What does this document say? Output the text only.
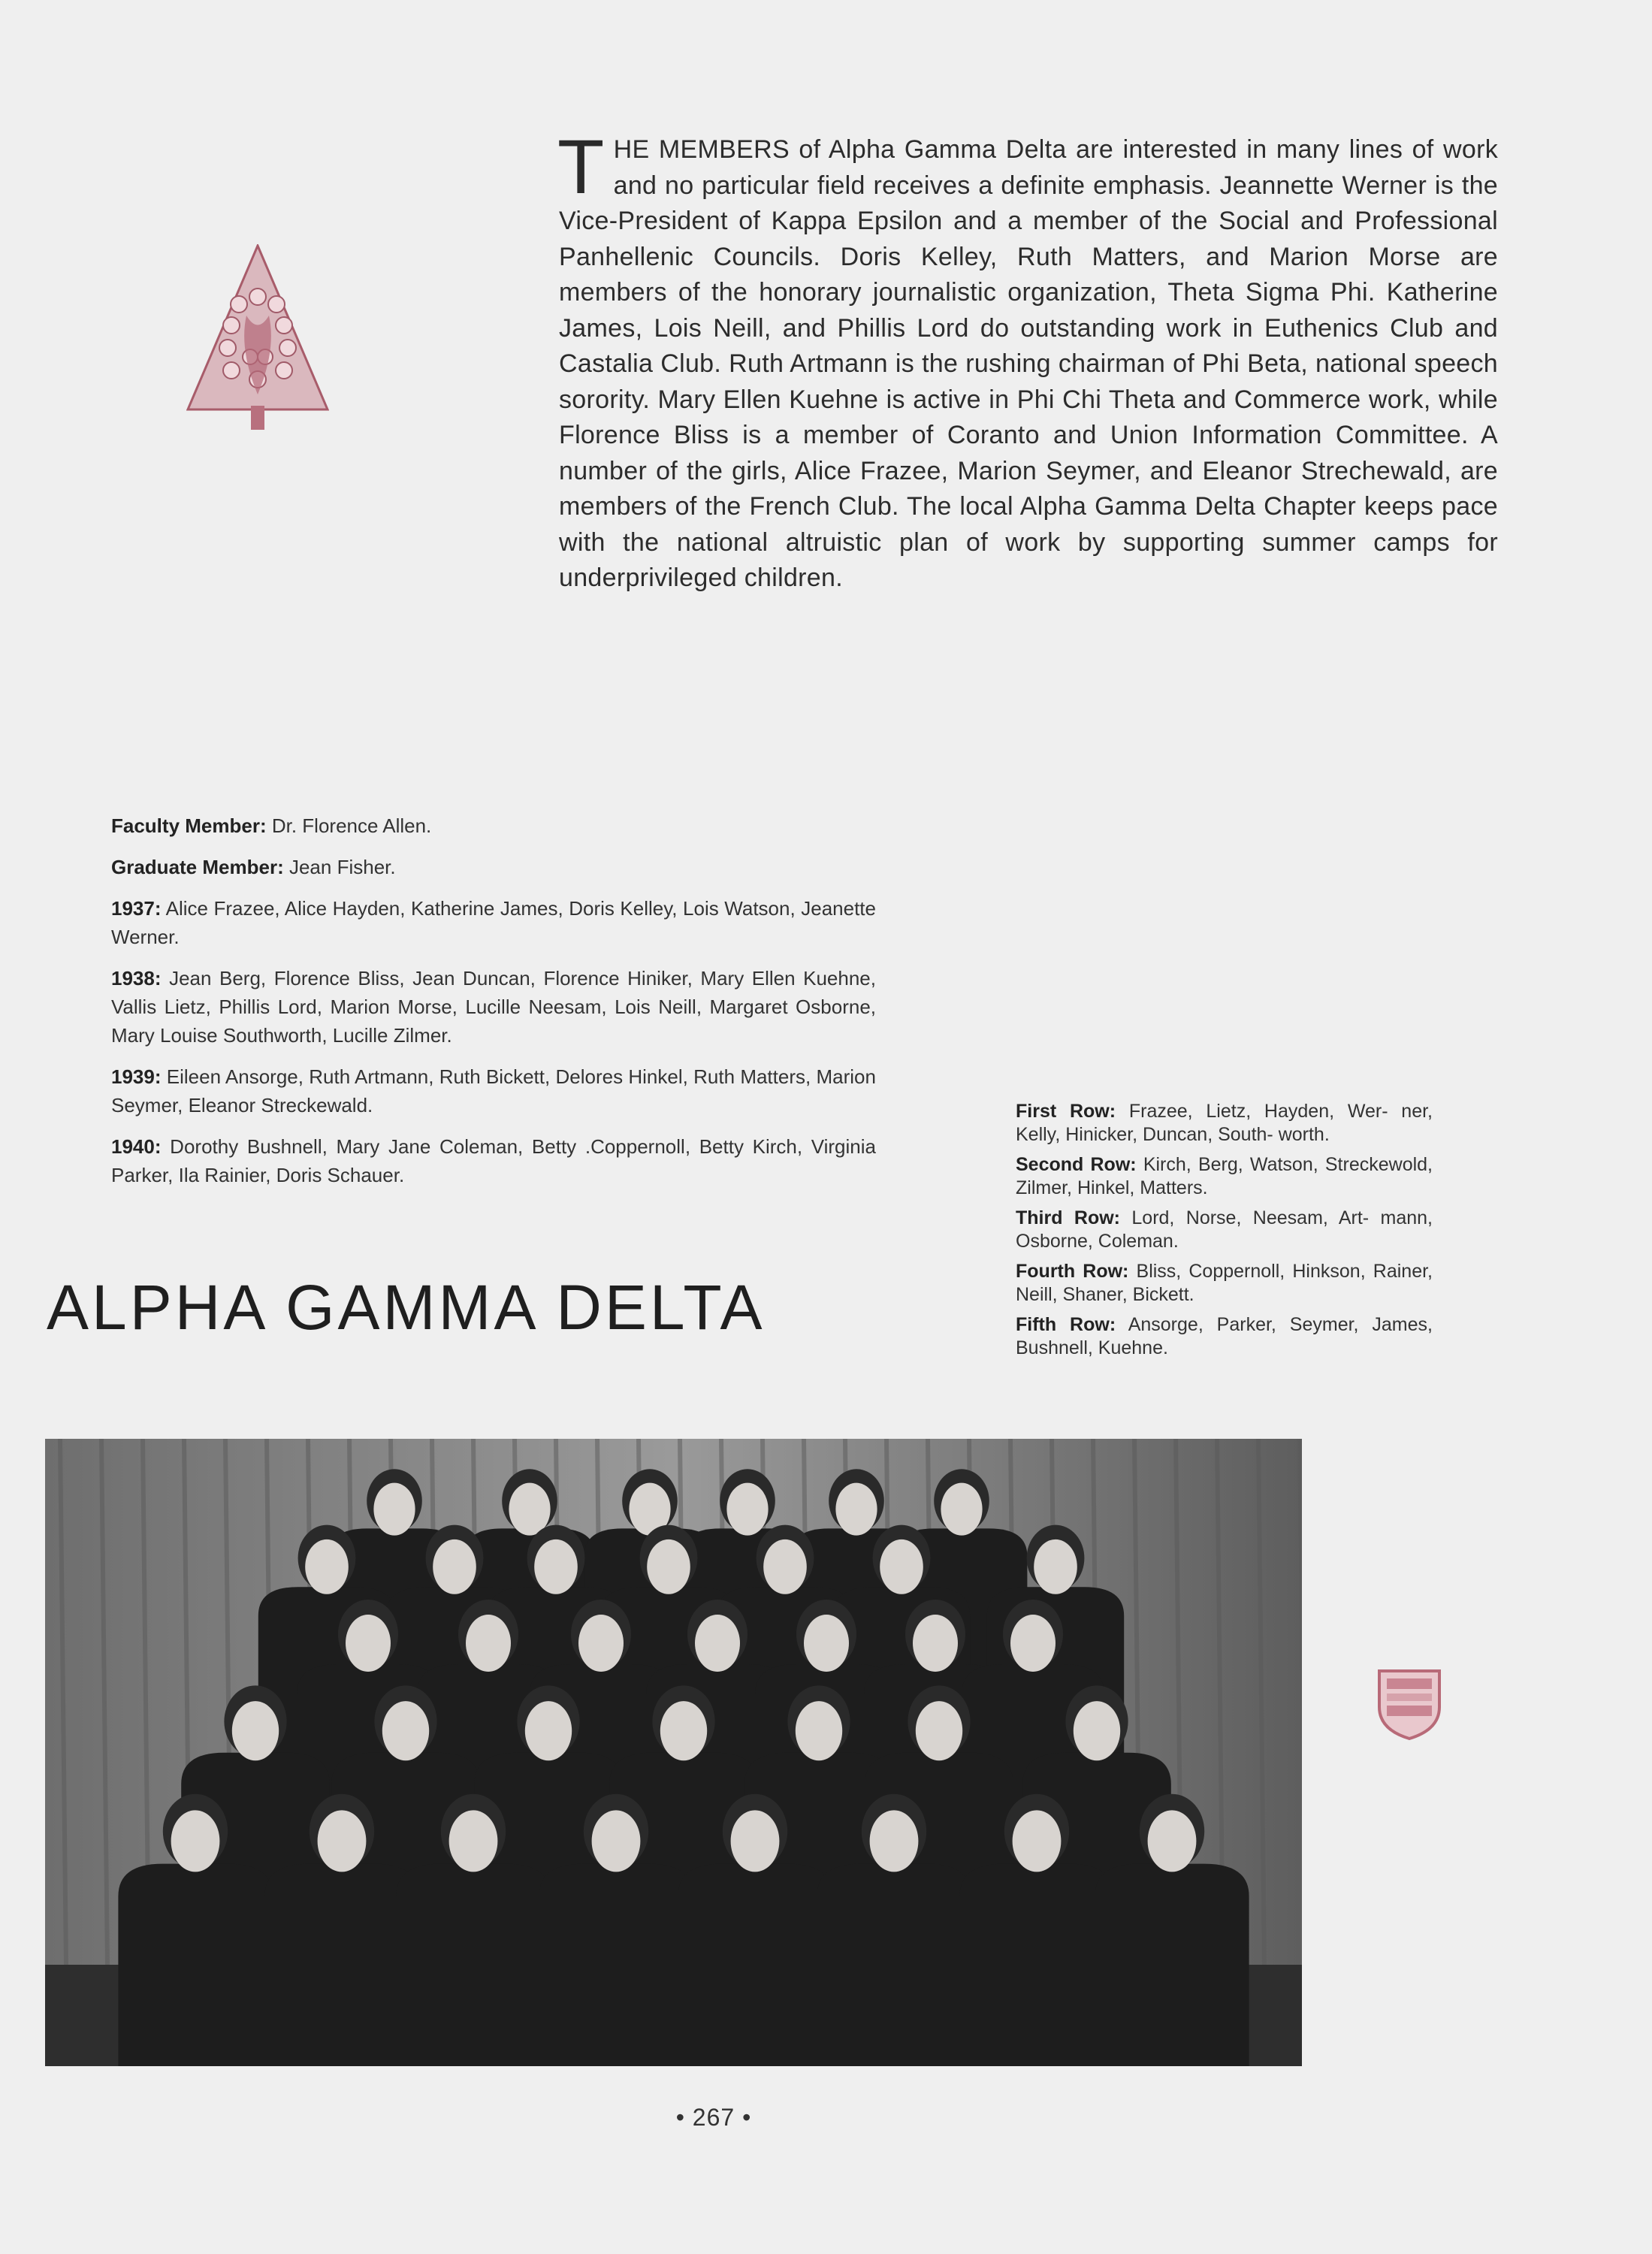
THE MEMBERS of Alpha Gamma Delta are interested in many lines of work and no particular field receives a definite emphasis. Jeannette Werner is the Vice-President of Kappa Epsilon and a member of the Social and Professional Panhellenic Councils. Doris Kelley, Ruth Matters, and Marion Morse are members of the honorary journalistic organization, Theta Sigma Phi. Katherine James, Lois Neill, and Phillis Lord do outstanding work in Euthenics Club and Castalia Club. Ruth Artmann is the rushing chairman of Phi Beta, national speech sorority. Mary Ellen Kuehne is active in Phi Chi Theta and Commerce work, while Florence Bliss is a member of Coranto and Union Information Committee. A number of the girls, Alice Frazee, Marion Seymer, and Eleanor Strechewald, are members of the French Club. The local Alpha Gamma Delta Chapter keeps pace with the national altruistic plan of work by supporting summer camps for underprivileged children.

Faculty Member: Dr. Florence Allen.

Graduate Member: Jean Fisher.

1937: Alice Frazee, Alice Hayden, Katherine James, Doris Kelley, Lois Watson, Jeanette Werner.

1938: Jean Berg, Florence Bliss, Jean Duncan, Florence Hiniker, Mary Ellen Kuehne, Vallis Lietz, Phillis Lord, Marion Morse, Lucille Neesam, Lois Neill, Margaret Osborne, Mary Louise Southworth, Lucille Zilmer.

1939: Eileen Ansorge, Ruth Artmann, Ruth Bickett, Delores Hinkel, Ruth Matters, Marion Seymer, Eleanor Streckewald.

1940: Dorothy Bushnell, Mary Jane Coleman, Betty .Coppernoll, Betty Kirch, Virginia Parker, Ila Rainier, Doris Schauer.

ALPHA GAMMA DELTA

First Row: Frazee, Lietz, Hayden, Wer- ner, Kelly, Hinicker, Duncan, South- worth.

Second Row: Kirch, Berg, Watson, Streckewold, Zilmer, Hinkel, Matters.

Third Row: Lord, Norse, Neesam, Art- mann, Osborne, Coleman.

Fourth Row: Bliss, Coppernoll, Hinkson, Rainer, Neill, Shaner, Bickett.

Fifth Row: Ansorge, Parker, Seymer, James, Bushnell, Kuehne.

• 267 •
